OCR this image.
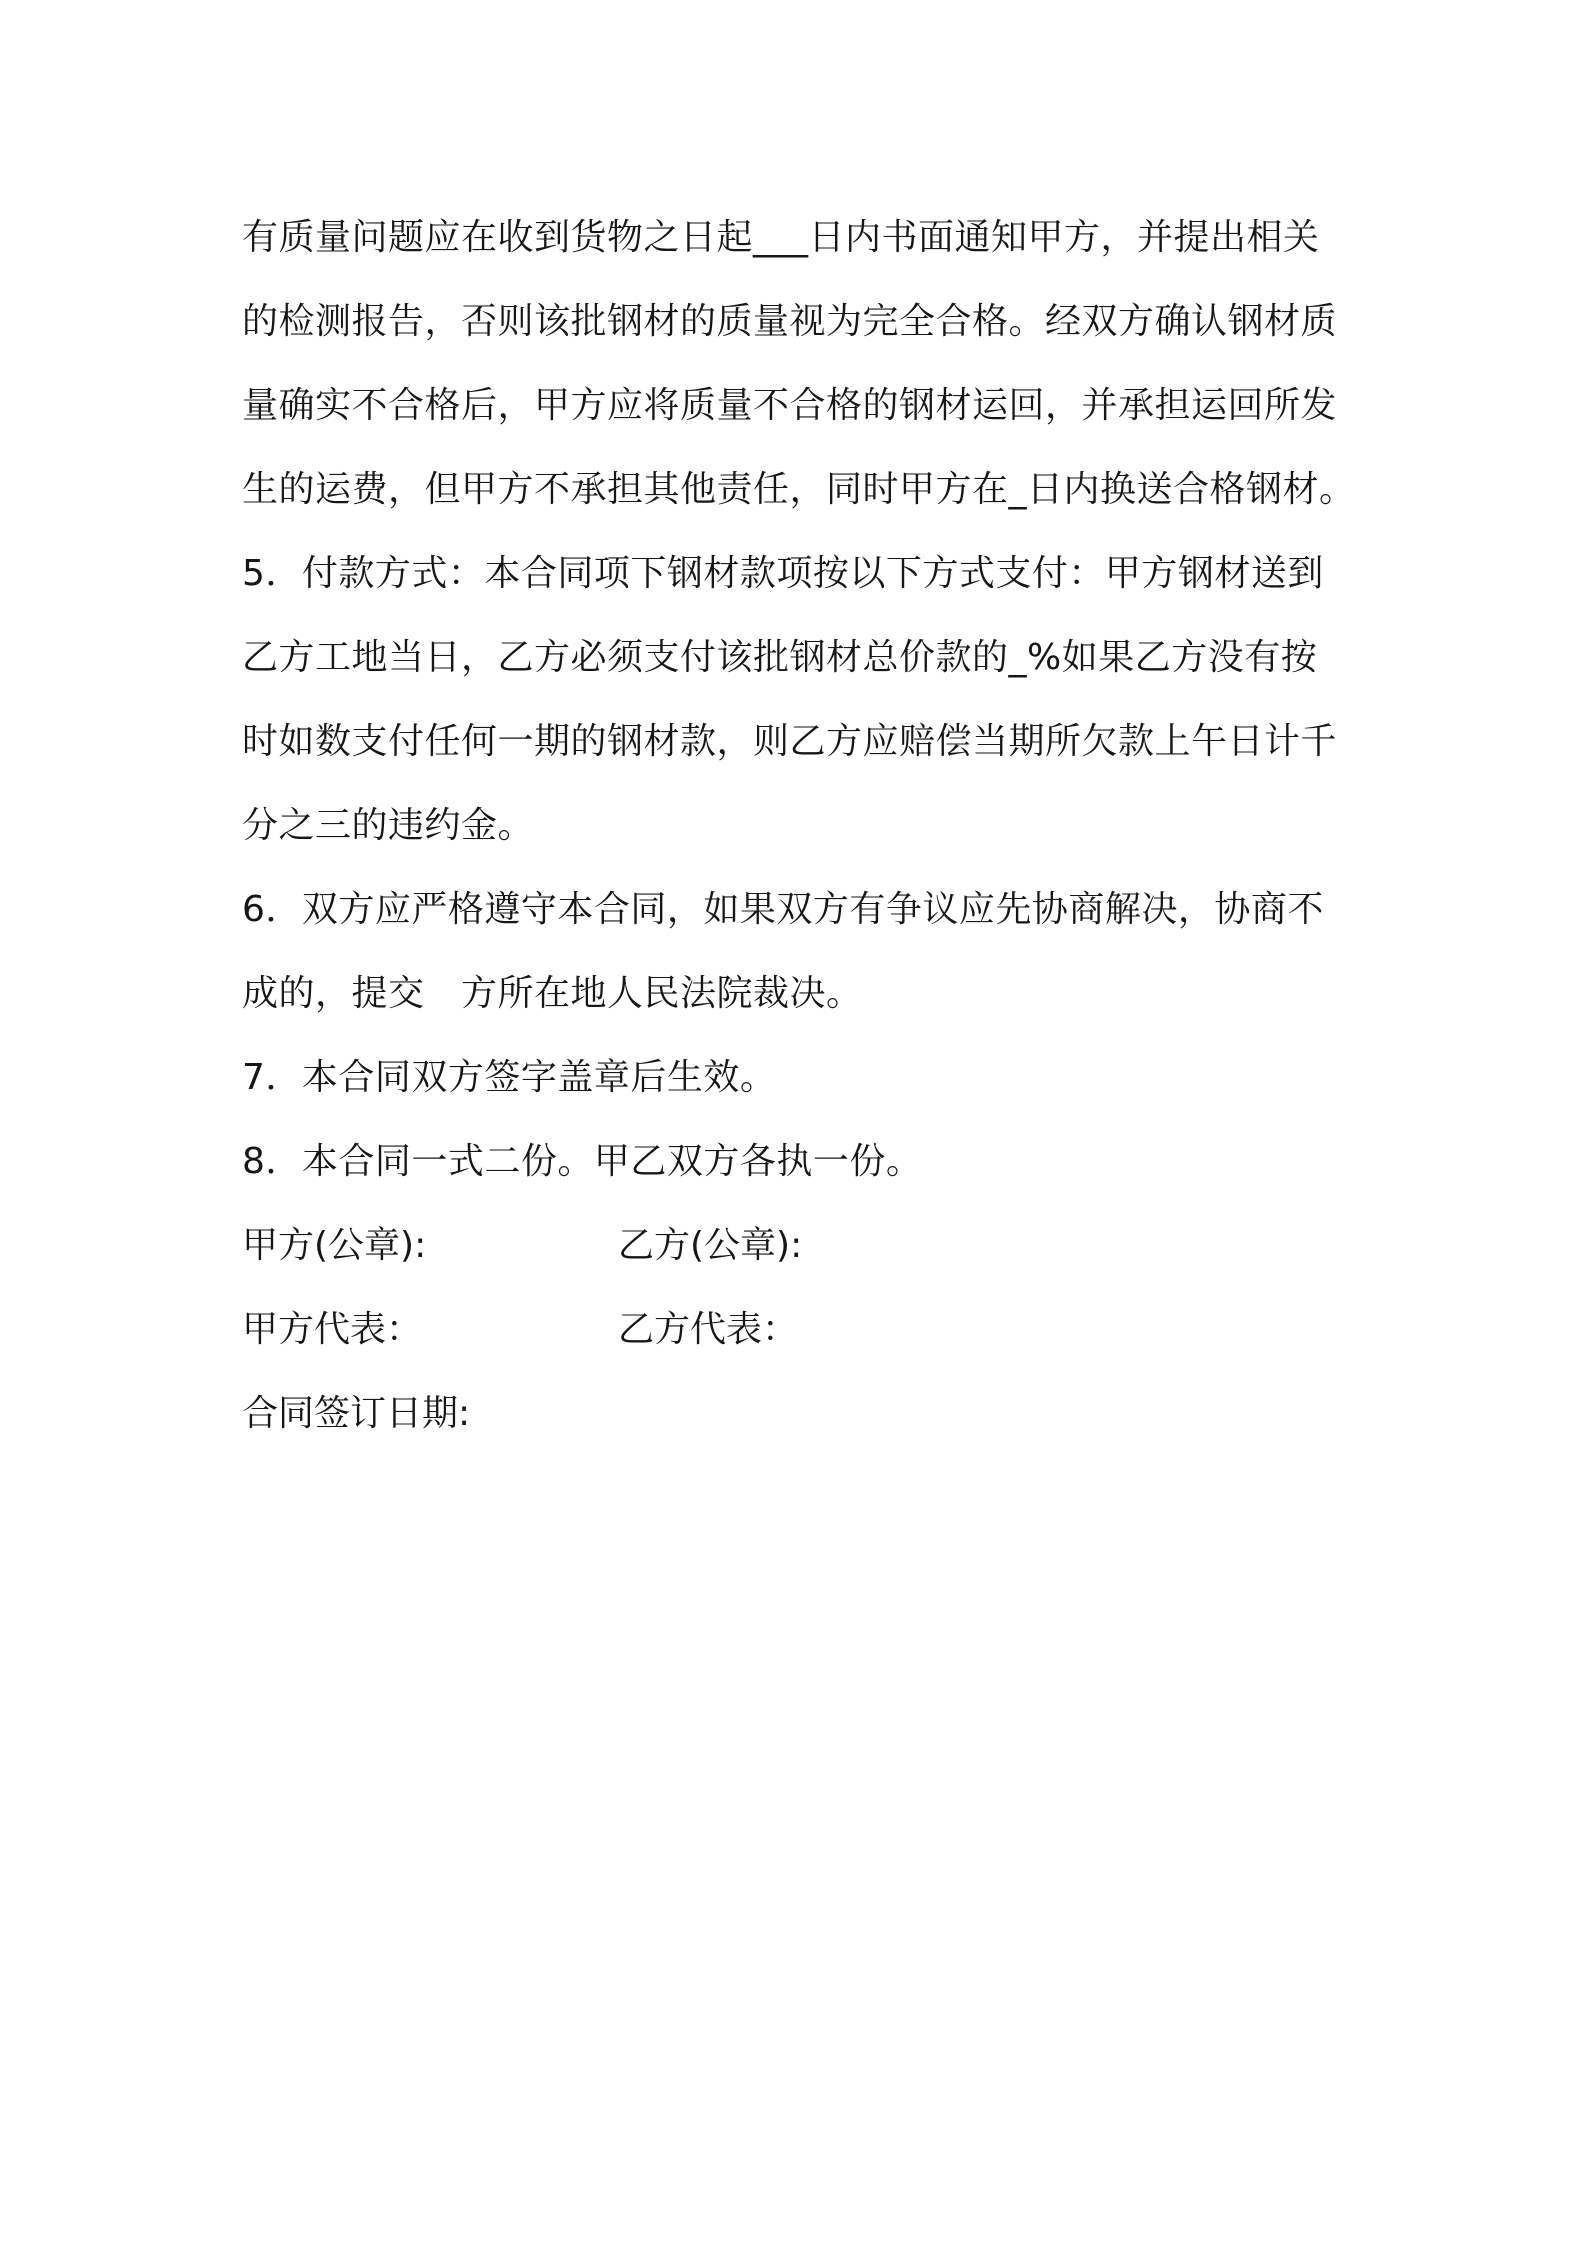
有质量问题应在收到货物之日起___日内书面通知甲方，并提出相关
的检测报告，否则该批钢材的质量视为完全合格。经双方确认钢材质
量确实不合格后，甲方应将质量不合格的钢材运回，并承担运回所发
生的运费，但甲方不承担其他责任，同时甲方在_日内换送合格钢材。
5．付款方式：本合同项下钢材款项按以下方式支付：甲方钢材送到
乙方工地当日，乙方必须支付该批钢材总价款的_%如果乙方没有按
时如数支付任何一期的钢材款，则乙方应赔偿当期所欠款上午日计千
分之三的违约金。
6．双方应严格遵守本合同，如果双方有争议应先协商解决，协商不
成的，提交　方所在地人民法院裁决。
7．本合同双方签字盖章后生效。
8．本合同一式二份。甲乙双方各执一份。
甲方(公章):	乙方(公章):
甲方代表：	乙方代表：
合同签订日期:
